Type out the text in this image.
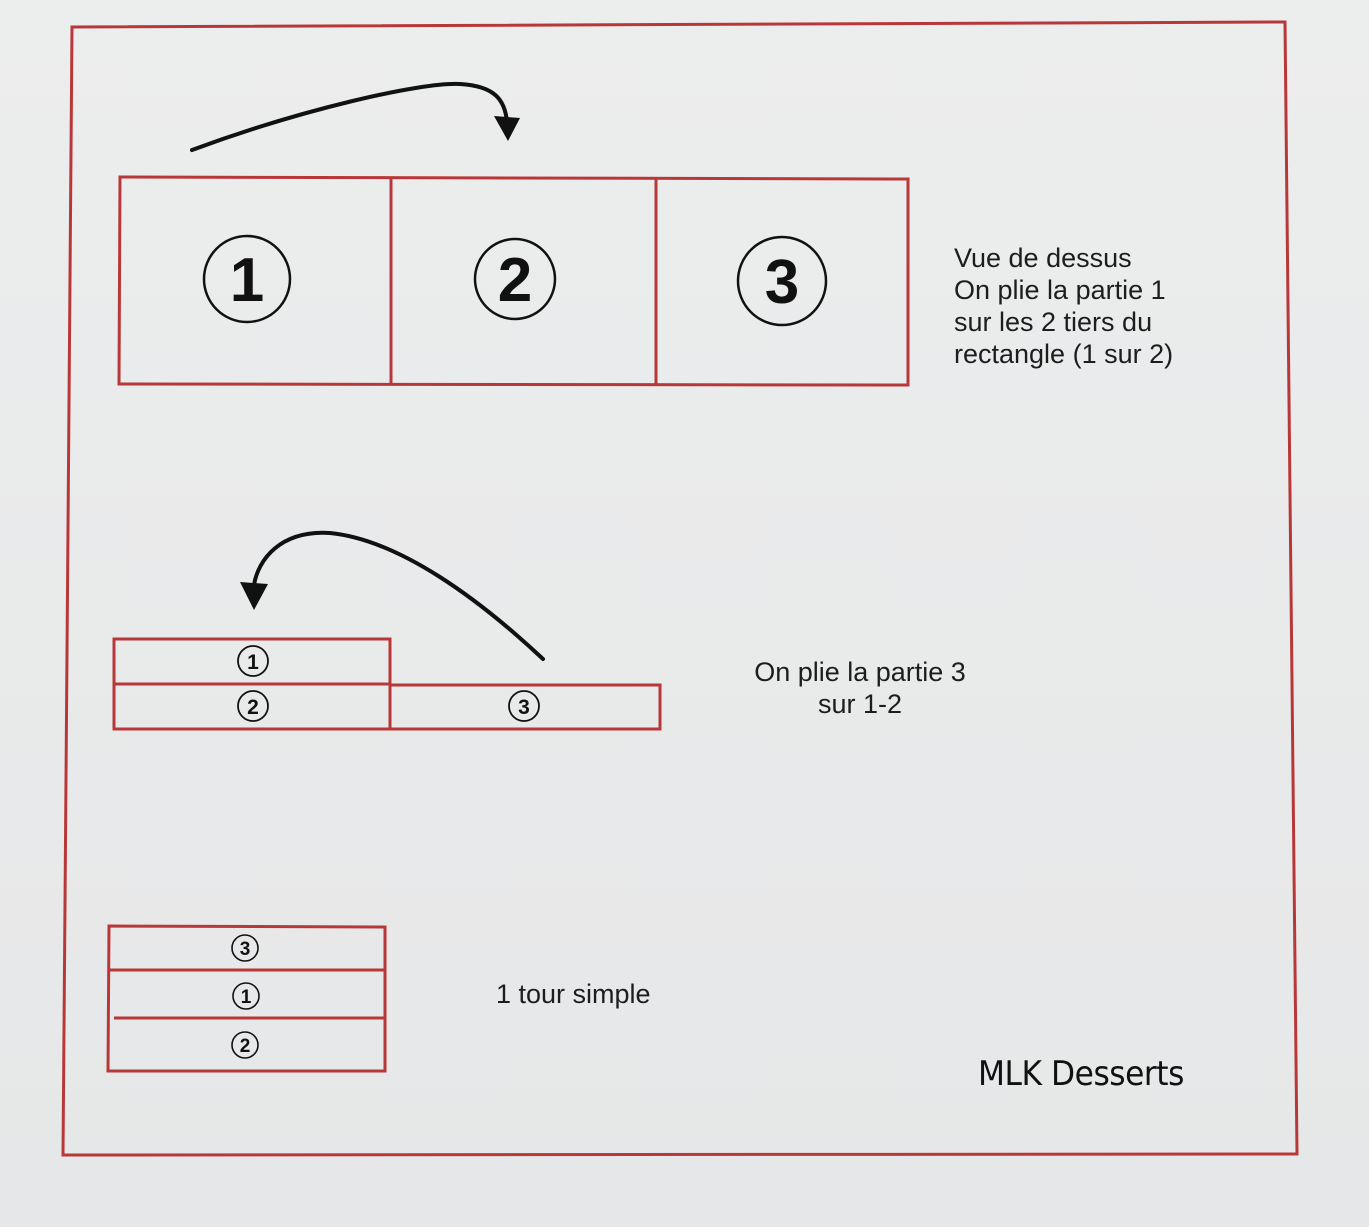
1	2	3
1
2	3
3
1
2
Vue de dessus
On plie la partie 1
sur les 2 tiers du
rectangle (1 sur 2)
On plie la partie 3
sur 1-2
1 tour simple
MLK Desserts
